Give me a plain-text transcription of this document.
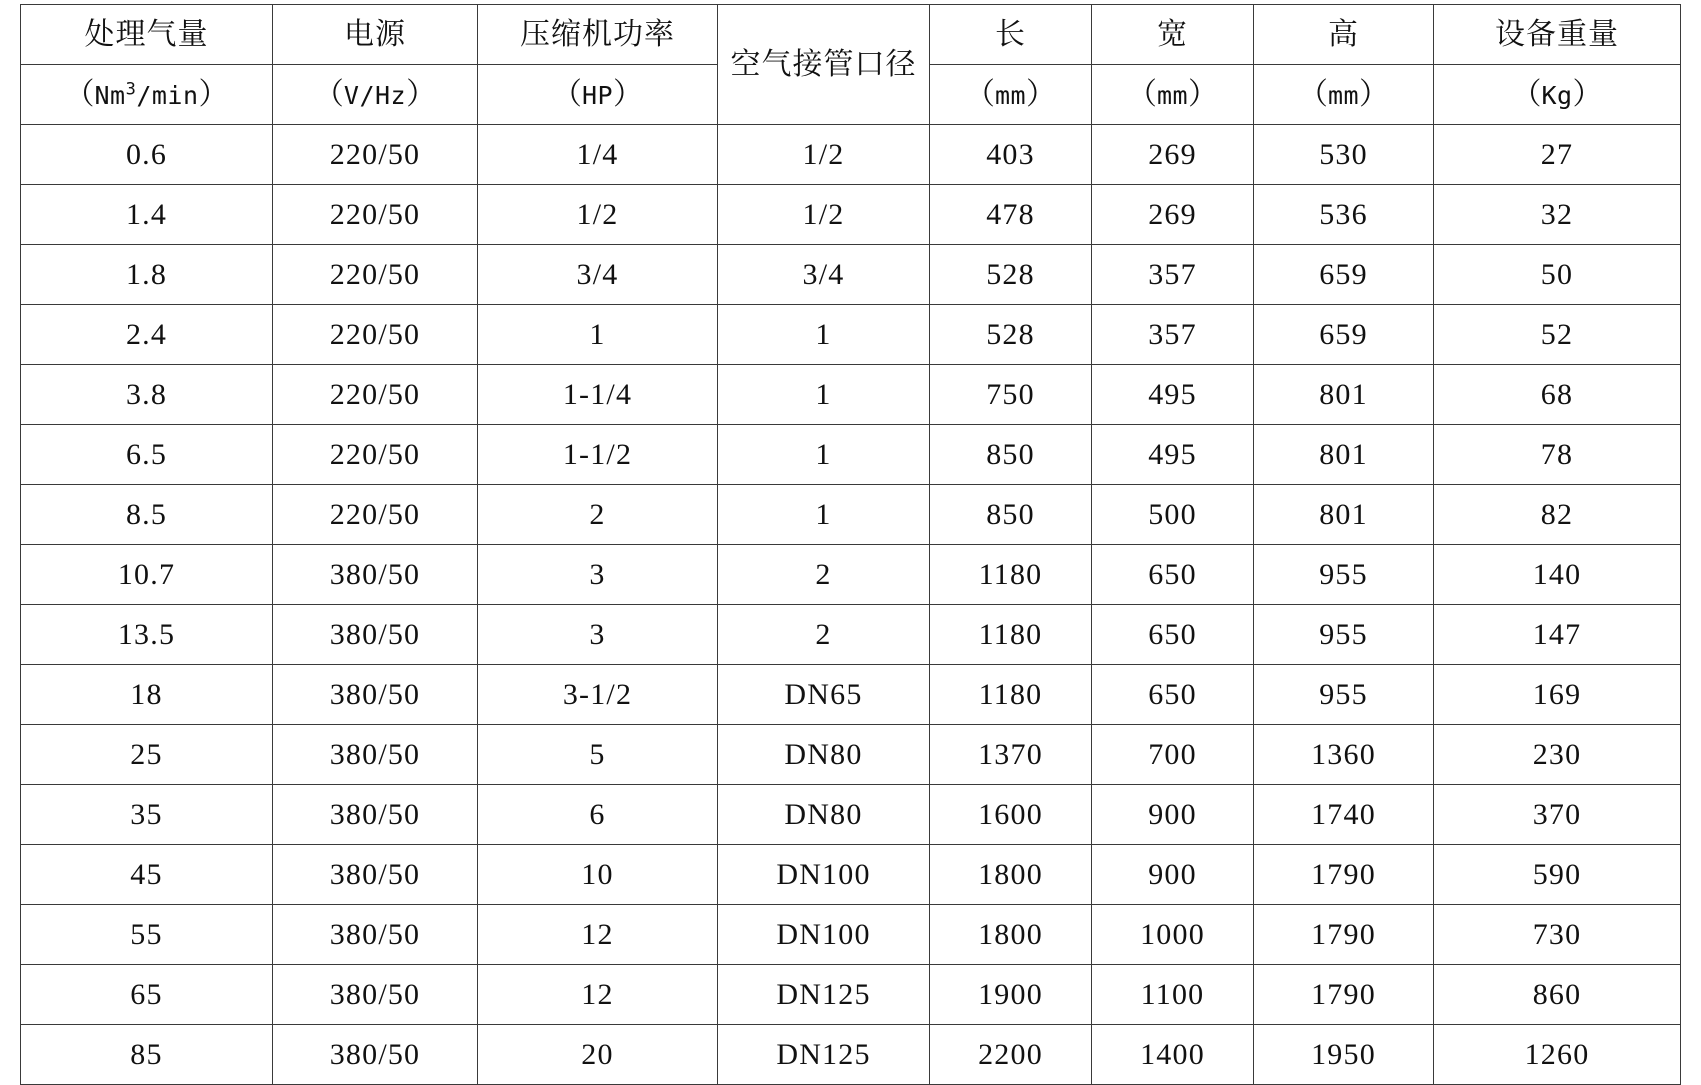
处理气量	电源	压缩机功率	空气接管口径	长	宽	高	设备重量
（Nm$^3$/min）	（V/Hz）	（HP）		（mm）	（mm）	（mm）	（Kg）
0.6	220/50	1/4	1/2	403	269	530	27
1.4	220/50	1/2	1/2	478	269	536	32
1.8	220/50	3/4	3/4	528	357	659	50
2.4	220/50	1	1	528	357	659	52
3.8	220/50	1-1/4	1	750	495	801	68
6.5	220/50	1-1/2	1	850	495	801	78
8.5	220/50	2	1	850	500	801	82
10.7	380/50	3	2	1180	650	955	140
13.5	380/50	3	2	1180	650	955	147
18	380/50	3-1/2	DN65	1180	650	955	169
25	380/50	5	DN80	1370	700	1360	230
35	380/50	6	DN80	1600	900	1740	370
45	380/50	10	DN100	1800	900	1790	590
55	380/50	12	DN100	1800	1000	1790	730
65	380/50	12	DN125	1900	1100	1790	860
85	380/50	20	DN125	2200	1400	1950	1260
